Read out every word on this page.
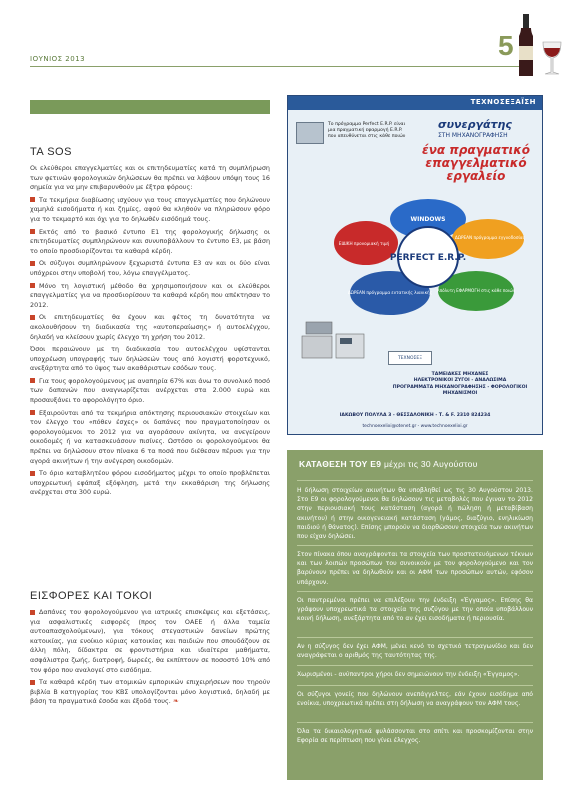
ΙΟΥΝΙΟΣ 2013	5
ΤΑ SOS

Οι ελεύθεροι επαγγελματίες και οι επιτηδευματίες κατά τη συμπλήρωση των φετινών φορολογικών δηλώσεων θα πρέπει να λάβουν υπόψη τους 16 σημεία για να μην επιβαρυνθούν με έξτρα φόρους:

Τα τεκμήρια διαβίωσης ισχύουν για τους επαγγελματίες που δηλώνουν χαμηλά εισοδήματα ή και ζημίες, αφού θα κληθούν να πληρώσουν φόρο για το τεκμαρτό και όχι για το δηλωθέν εισόδημά τους.

Εκτός από το βασικό έντυπο Ε1 της φορολογικής δήλωσης οι επιτηδευματίες συμπληρώνουν και συνυποβάλλουν το έντυπο Ε3, με βάση το οποίο προσδιορίζονται τα καθαρά κέρδη.

Οι σύζυγοι συμπληρώνουν ξεχωριστά έντυπα Ε3 αν και οι δύο είναι υπόχρεοι στην υποβολή του, λόγω επαγγέλματος.

Μόνο τη λογιστική μέθοδο θα χρησιμοποιήσουν και οι ελεύθεροι επαγγελματίες για να προσδιορίσουν τα καθαρά κέρδη που απέκτησαν το 2012.

Οι επιτηδευματίες θα έχουν και φέτος τη δυνατότητα να ακολουθήσουν τη διαδικασία της «αυτοπεραίωσης» ή αυτοελέγχου, δηλαδή να κλείσουν χωρίς έλεγχο τη χρήση του 2012.

Όσοι περαιώνουν με τη διαδικασία του αυτοελέγχου υφίστανται υποχρέωση υπογραφής των δηλώσεών τους από λογιστή φοροτεχνικό, ανεξάρτητα από το ύψος των ακαθάριστων εσόδων τους.

Για τους φορολογούμενους με αναπηρία 67% και άνω το συνολικό ποσό των δαπανών που αναγνωρίζεται ανέρχεται στα 2.000 ευρώ και προσαυξάνει το αφορολόγητο όριο.

Εξαιρούνται από τα τεκμήρια απόκτησης περιουσιακών στοιχείων και τον έλεγχο του «πόθεν έσχες» οι δαπάνες που πραγματοποίησαν οι φορολογούμενοι το 2012 για να αγοράσουν ακίνητα, να ανεγείρουν οικοδομές ή να κατασκευάσουν πισίνες. Ωστόσο οι φορολογούμενοι θα πρέπει να δηλώσουν στον πίνακα 6 τα ποσά που διέθεσαν πέρυσι για την αγορά ακινήτων ή την ανέγερση οικοδομών.

Το όριο καταβλητέου φόρου εισοδήματος μέχρι το οποίο προβλέπεται υποχρεωτική εφάπαξ εξόφληση, μετά την εκκαθάριση της δήλωσης ανέρχεται στα 300 ευρώ.

ΕΙΣΦΟΡΕΣ ΚΑΙ ΤΟΚΟΙ

Δαπάνες του φορολογούμενου για ιατρικές επισκέψεις και εξετάσεις, για ασφαλιστικές εισφορές (προς τον ΟΑΕΕ ή άλλα ταμεία αυτοαπασχολούμενων), για τόκους στεγαστικών δανείων πρώτης κατοικίας, για ενοίκιο κύριας κατοικίας και παιδιών που σπουδάζουν σε άλλη πόλη, δίδακτρα σε φροντιστήρια και ιδιαίτερα μαθήματα, ασφάλιστρα ζωής, διατροφή, δωρεές, θα εκπίπτουν σε ποσοστό 10% από τον φόρο που αναλογεί στο εισόδημα.

Τα καθαρά κέρδη των ατομικών εμπορικών επιχειρήσεων που τηρούν βιβλία Β κατηγορίας του ΚΒΣ υπολογίζονται μόνο λογιστικά, δηλαδή με βάση τα πραγματικά έσοδα και έξοδά τους. ❧

ΤΕΧΝΟΣΕΞΑΪΣΗ
Το πρόγραμμα Perfect E.R.P. είναι μια πραγματική εφαρμογή E.R.P. που απευθύνεται στις κάθε ποιών
συνεργάτης
ΣΤΗ ΜΗΧΑΝΟΓΡΑΦΗΣΗ
ένα πραγματικό επαγγελματικό εργαλείο
PERFECT E.R.P.
WINDOWS
ΔΩΡΕΑΝ πρόγραμμα εγγυοδοσίας
Απόλυτη ΕΦΑΡΜΟΓΗ στις κάθε ποιών
ΔΩΡΕΑΝ πρόγραμμα εντατικής λιανικής
ΕΙΔΙΚΗ προνομιακή τιμή
ΤΕΧΝΟΣΕΞ
ΤΑΜΕΙΑΚΕΣ ΜΗΧΑΝΕΣ
ΗΛΕΚΤΡΟΝΙΚΟΙ ΖΥΓΟΙ - ΑΝΑΛΩΣΙΜΑ
ΠΡΟΓΡΑΜΜΑΤΑ ΜΗΧΑΝΟΓΡΑΦΗΣΗΣ - ΦΟΡΟΛΟΓΙΚΟΙ ΜΗΧΑΝΙΣΜΟΙ
ΙΑΚΩΒΟΥ ΠΟΛΥΛΑ 3 - ΘΕΣΣΑΛΟΝΙΚΗ - Τ. & F. 2310 824234
technoexelixi@otenet.gr - www.technoexelixi.gr
ΚΑΤΑΘΕΣΗ ΤΟΥ Ε9 μέχρι τις 30 Αυγούστου

Η δήλωση στοιχείων ακινήτων θα υποβληθεί ως τις 30 Αυγούστου 2013. Στο Ε9 οι φορολογούμενοι θα δηλώσουν τις μεταβολές που έγιναν το 2012 στην περιουσιακή τους κατάσταση (αγορά ή πώληση ή μεταβίβαση ακινήτου) ή στην οικογενειακή κατάσταση (γάμος, διαζύγιο, ενηλικίωση παιδιού ή θάνατος). Επίσης μπορούν να διορθώσουν στοιχεία των ακινήτων που είχαν δηλώσει.

Στον πίνακα όπου αναγράφονται τα στοιχεία των προστατευόμενων τέκνων και των λοιπών προσώπων του συνοικούν με τον φορολογούμενο και τον βαρύνουν πρέπει να δηλωθούν και οι ΑΦΜ των προσώπων αυτών, εφόσον υπάρχουν.

Οι παντρεμένοι πρέπει να επιλέξουν την ένδειξη «Έγγαμος». Επίσης θα γράψουν υποχρεωτικά τα στοιχεία της συζύγου με την οποία υποβάλλουν κοινή δήλωση, ανεξάρτητα από το αν έχει εισοδήματα ή περιουσία.

Αν η σύζυγος δεν έχει ΑΦΜ, μένει κενό το σχετικό τετραγωνίδιο και δεν αναγράφεται ο αριθμός της ταυτότητας της.

Χωρισμένοι - ανύπαντροι χήροι δεν σημειώνουν την ένδειξη «Έγγαμος».

Οι σύζυγοι γονείς που δηλώνουν ανεπάγγελτες, εάν έχουν εισόδημα από ενοίκια, υποχρεωτικά πρέπει στη δήλωση να αναγράφουν τον ΑΦΜ τους.

Όλα τα δικαιολογητικά φυλάσσονται στο σπίτι και προσκομίζονται στην Εφορία σε περίπτωση που γίνει έλεγχος.
